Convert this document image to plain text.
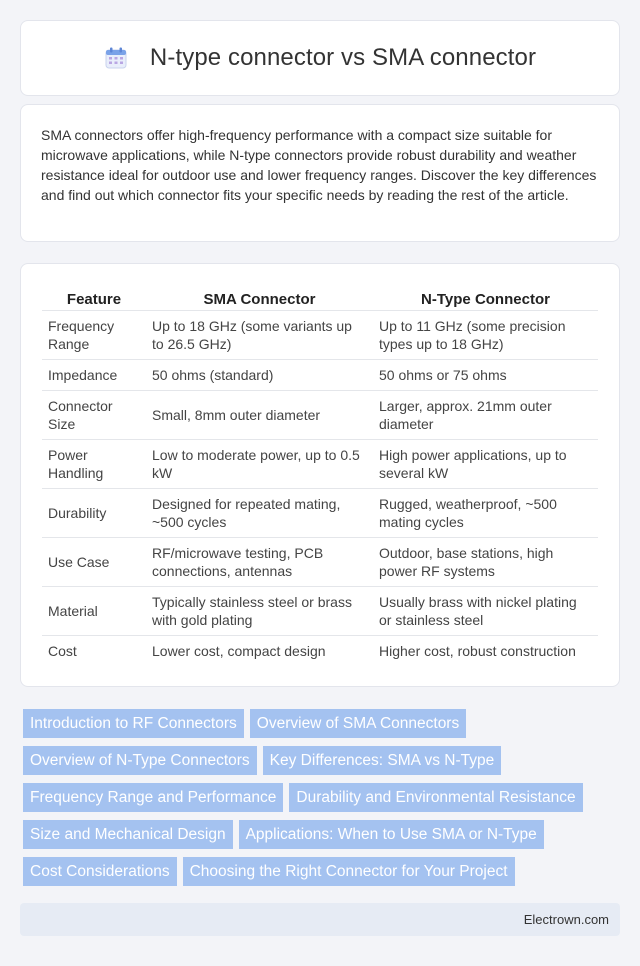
N-type connector vs SMA connector

SMA connectors offer high-frequency performance with a compact size suitable for microwave applications, while N-type connectors provide robust durability and weather resistance ideal for outdoor use and lower frequency ranges. Discover the key differences and find out which connector fits your specific needs by reading the rest of the article.

Feature	SMA Connector	N-Type Connector
Frequency Range	Up to 18 GHz (some variants up to 26.5 GHz)	Up to 11 GHz (some precision types up to 18 GHz)
Impedance	50 ohms (standard)	50 ohms or 75 ohms
Connector Size	Small, 8mm outer diameter	Larger, approx. 21mm outer diameter
Power Handling	Low to moderate power, up to 0.5 kW	High power applications, up to several kW
Durability	Designed for repeated mating, ~500 cycles	Rugged, weatherproof, ~500 mating cycles
Use Case	RF/microwave testing, PCB connections, antennas	Outdoor, base stations, high power RF systems
Material	Typically stainless steel or brass with gold plating	Usually brass with nickel plating or stainless steel
Cost	Lower cost, compact design	Higher cost, robust construction
Introduction to RF Connectors Overview of SMA Connectors
Overview of N-Type Connectors Key Differences: SMA vs N-Type
Frequency Range and Performance Durability and Environmental Resistance
Size and Mechanical Design Applications: When to Use SMA or N-Type
Cost Considerations Choosing the Right Connector for Your Project
Electrown.com
